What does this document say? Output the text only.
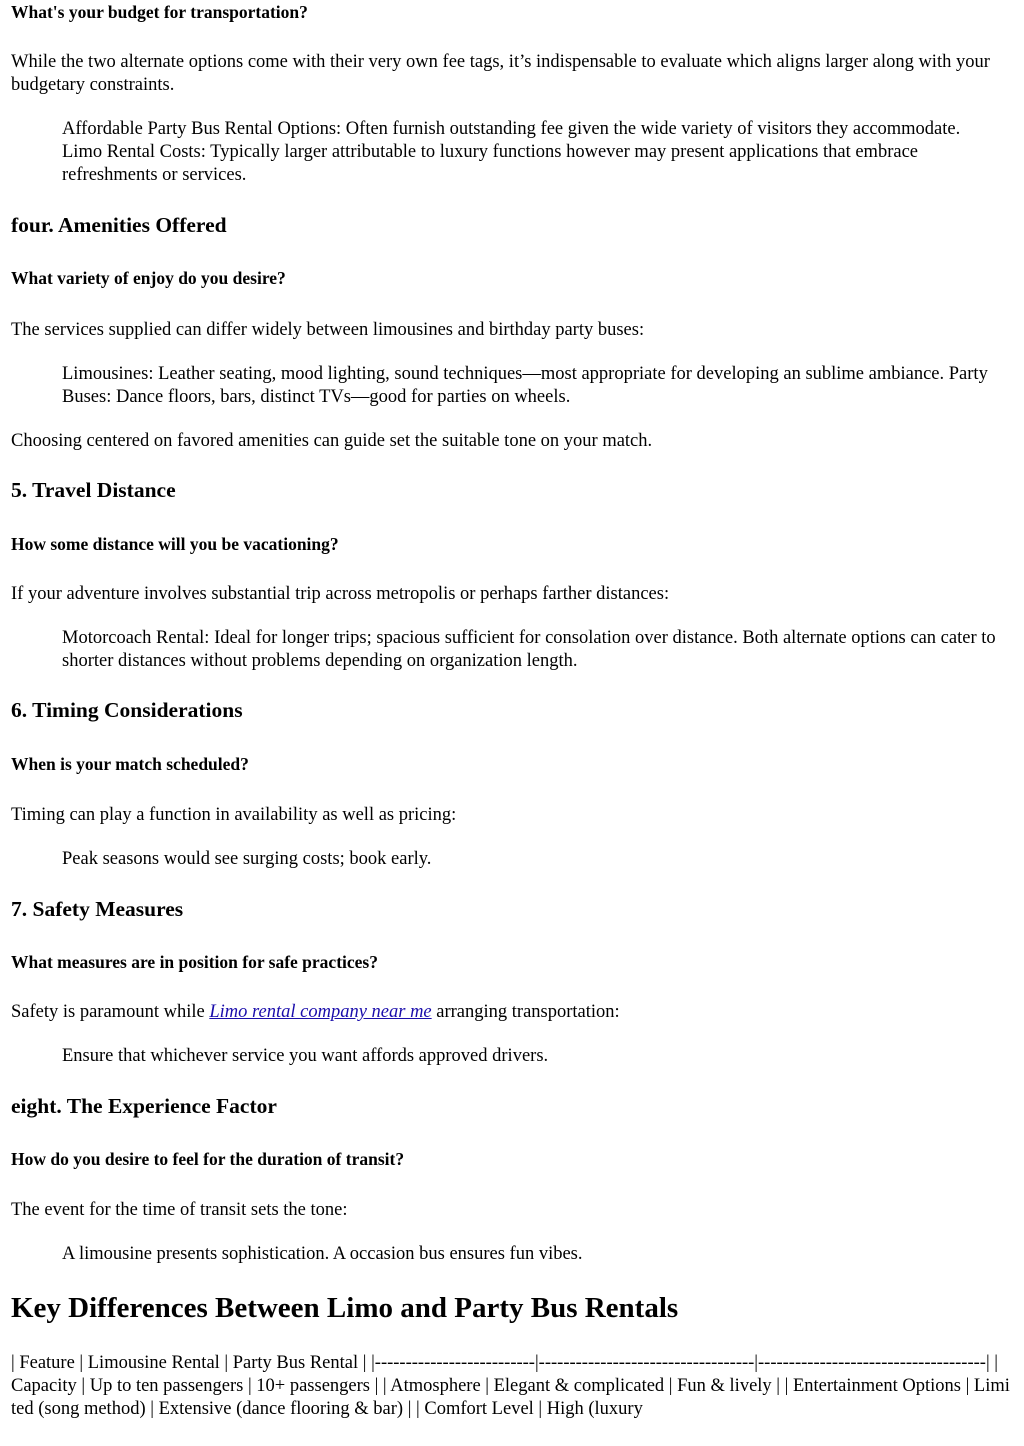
What's your budget for transportation?

While the two alternate options come with their very own fee tags, it’s indispensable to evaluate which aligns larger along with your budgetary constraints.

Affordable Party Bus Rental Options: Often furnish outstanding fee given the wide variety of visitors they accommodate. Limo Rental Costs: Typically larger attributable to luxury functions however may present applications that embrace refreshments or services.

four. Amenities Offered
What variety of enjoy do you desire?

The services supplied can differ widely between limousines and birthday party buses:

Limousines: Leather seating, mood lighting, sound techniques—most appropriate for developing an sublime ambiance. Party Buses: Dance floors, bars, distinct TVs—good for parties on wheels.

Choosing centered on favored amenities can guide set the suitable tone on your match.

5. Travel Distance
How some distance will you be vacationing?

If your adventure involves substantial trip across metropolis or perhaps farther distances:

Motorcoach Rental: Ideal for longer trips; spacious sufficient for consolation over distance. Both alternate options can cater to shorter distances without problems depending on organization length.

6. Timing Considerations
When is your match scheduled?

Timing can play a function in availability as well as pricing:

Peak seasons would see surging costs; book early.

7. Safety Measures
What measures are in position for safe practices?

Safety is paramount while Limo rental company near me arranging transportation:

Ensure that whichever service you want affords approved drivers.

eight. The Experience Factor
How do you desire to feel for the duration of transit?

The event for the time of transit sets the tone:

A limousine presents sophistication. A occasion bus ensures fun vibes.

Key Differences Between Limo and Party Bus Rentals

| Feature | Limousine Rental | Party Bus Rental | |--------------------------|-----------------------------------|-------------------------------------| | Capacity | Up to ten passengers | 10+ passengers | | Atmosphere | Elegant & complicated | Fun & lively | | Entertainment Options | Limited (song method) | Extensive (dance flooring & bar) | | Comfort Level | High (luxury
